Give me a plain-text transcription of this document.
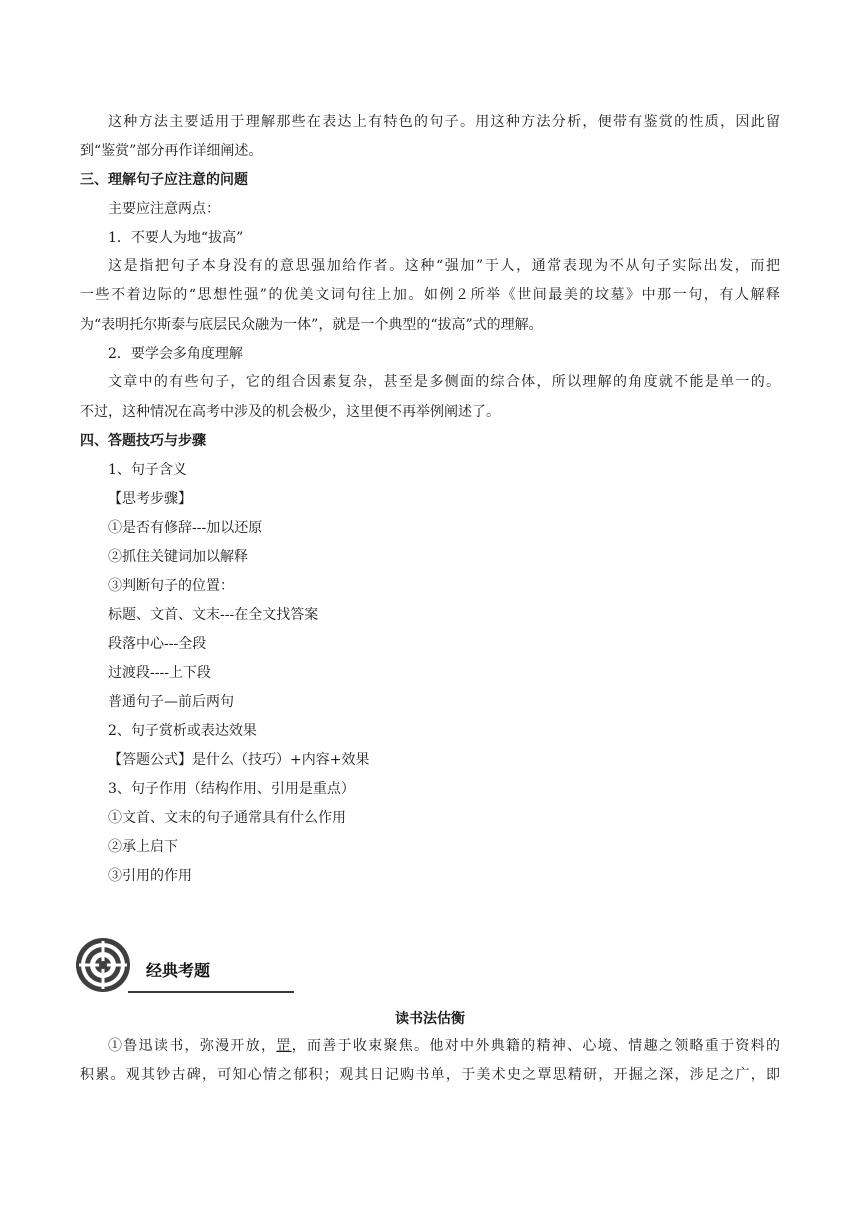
这种方法主要适用于理解那些在表达上有特色的句子。用这种方法分析，便带有鉴赏的性质，因此留
到“鉴赏”部分再作详细阐述。
三、理解句子应注意的问题
主要应注意两点：
1．不要人为地“拔高”
这是指把句子本身没有的意思强加给作者。这种“强加”于人，通常表现为不从句子实际出发，而把
一些不着边际的“思想性强”的优美文词句往上加。如例２所举《世间最美的坟墓》中那一句，有人解释
为“表明托尔斯泰与底层民众融为一体”，就是一个典型的“拔高”式的理解。
2．要学会多角度理解
文章中的有些句子，它的组合因素复杂，甚至是多侧面的综合体，所以理解的角度就不能是单一的。
不过，这种情况在高考中涉及的机会极少，这里便不再举例阐述了。
四、答题技巧与步骤
1、句子含义
【思考步骤】
①是否有修辞---加以还原
②抓住关键词加以解释
③判断句子的位置：
标题、文首、文末---在全文找答案
段落中心---全段
过渡段----上下段
普通句子—前后两句
2、句子赏析或表达效果
【答题公式】是什么（技巧）+内容+效果
3、句子作用（结构作用、引用是重点）
①文首、文末的句子通常具有什么作用
②承上启下
③引用的作用
经典考题
读书法估衡
①鲁迅读书，弥漫开放，罡，而善于收束聚焦。他对中外典籍的精神、心境、情趣之领略重于资料的
积累。观其钞古碑，可知心情之郁积；观其日记购书单，于美术史之覃思精研，开掘之深，涉足之广，即
